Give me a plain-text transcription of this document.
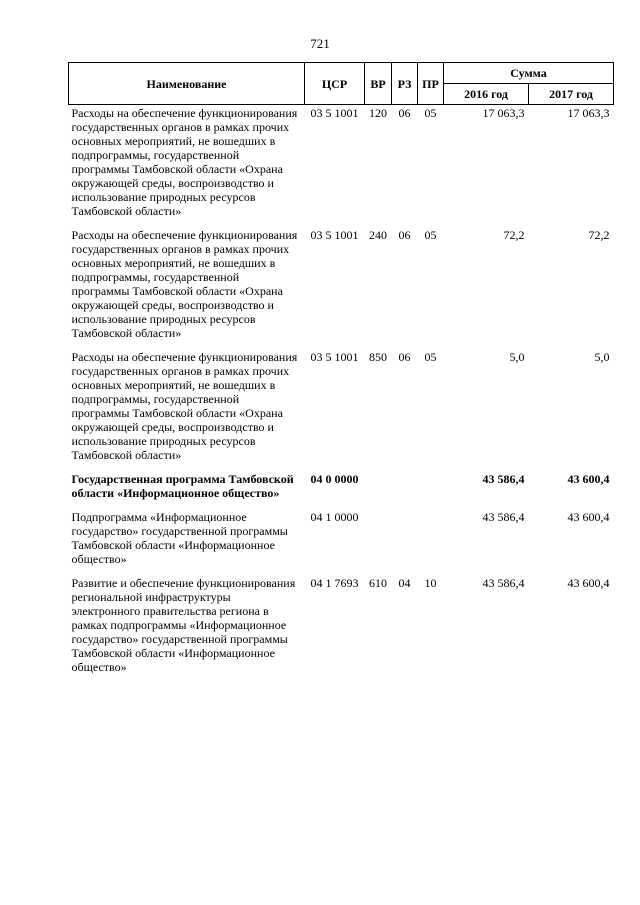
721
Наименование	ЦСР	ВР	РЗ	ПР	Сумма	
					2016 год	2017 год
Расходы на обеспечение функционирования государственных органов в рамках прочих основных мероприятий, не вошедших в подпрограммы, государственной программы Тамбовской области «Охрана окружающей среды, воспроизводство и использование природных ресурсов Тамбовской области»	03 5 1001	120	06	05	17 063,3	17 063,3
Расходы на обеспечение функционирования государственных органов в рамках прочих основных мероприятий, не вошедших в подпрограммы, государственной программы Тамбовской области «Охрана окружающей среды, воспроизводство и использование природных ресурсов Тамбовской области»	03 5 1001	240	06	05	72,2	72,2
Расходы на обеспечение функционирования государственных органов в рамках прочих основных мероприятий, не вошедших в подпрограммы, государственной программы Тамбовской области «Охрана окружающей среды, воспроизводство и использование природных ресурсов Тамбовской области»	03 5 1001	850	06	05	5,0	5,0
Государственная программа Тамбовской области «Информационное общество»	04 0 0000				43 586,4	43 600,4
Подпрограмма «Информационное государство» государственной программы Тамбовской области «Информационное общество»	04 1 0000				43 586,4	43 600,4
Развитие и обеспечение функционирования региональной инфраструктуры электронного правительства региона в рамках подпрограммы «Информационное государство» государственной программы Тамбовской области «Информационное общество»	04 1 7693	610	04	10	43 586,4	43 600,4
